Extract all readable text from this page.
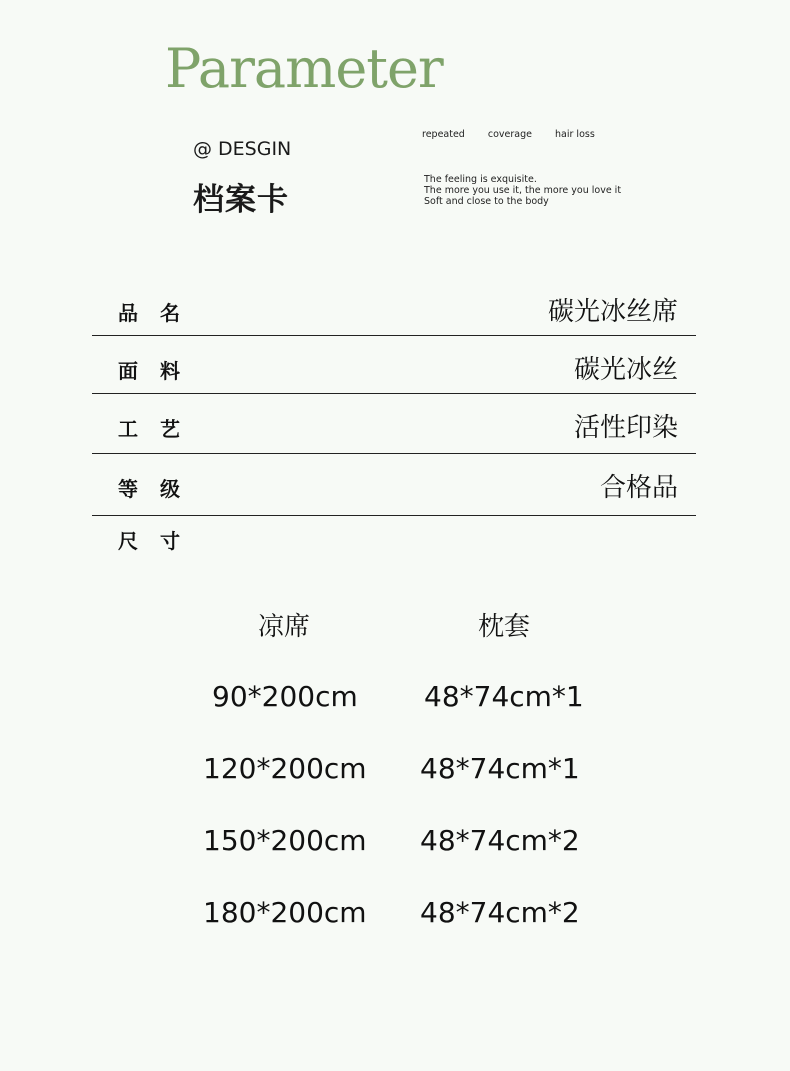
Parameter
@ DESGIN
档案卡
repeated coverage hair loss
The feeling is exquisite.
The more you use it, the more you love it
Soft and close to the body
品名	碳光冰丝席
面料	碳光冰丝
工艺	活性印染
等级	合格品
尺寸
凉席	枕套
90*200cm 48*74cm*1
120*200cm 48*74cm*1
150*200cm 48*74cm*2
180*200cm 48*74cm*2
